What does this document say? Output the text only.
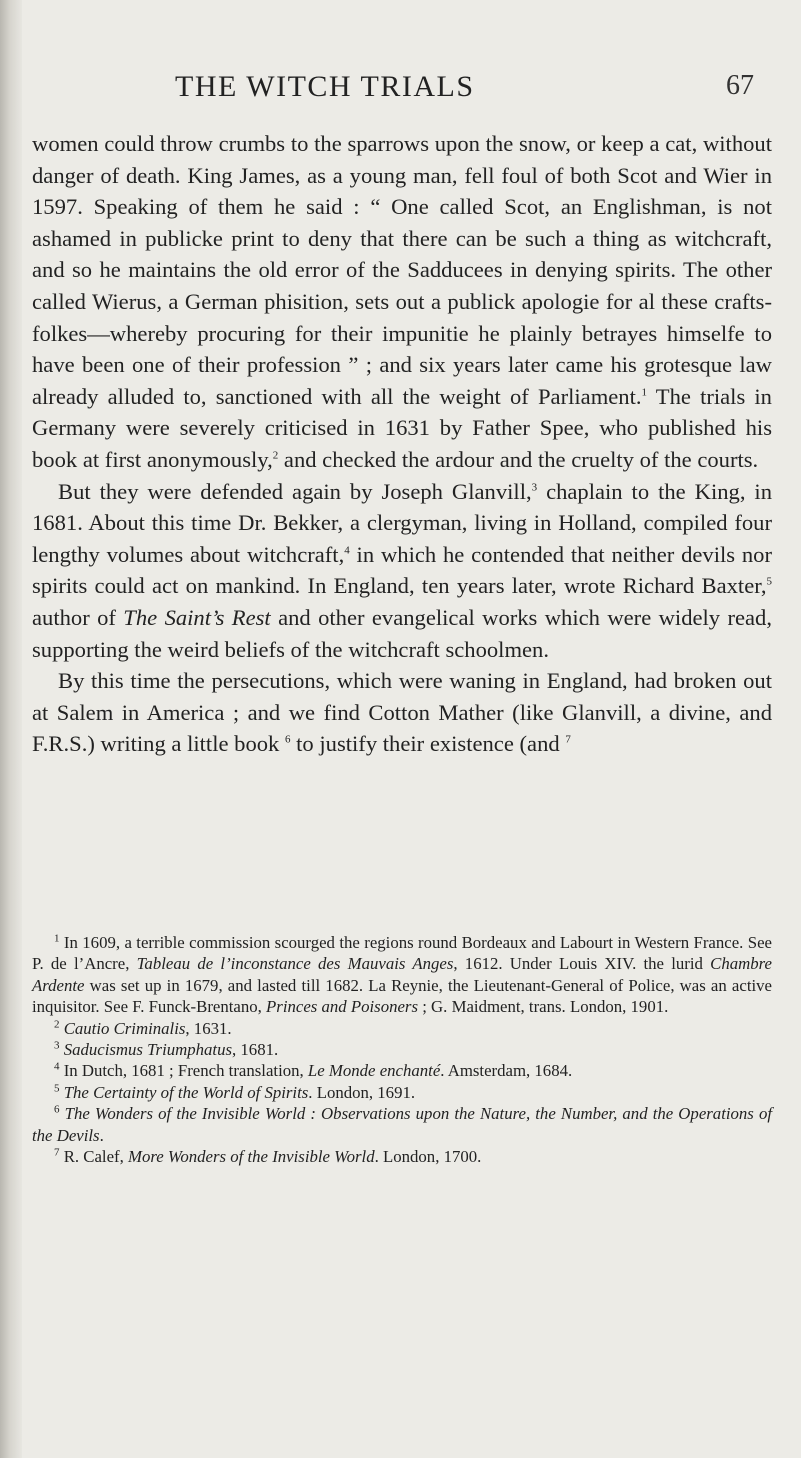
THE WITCH TRIALS	67

women could throw crumbs to the sparrows upon the snow, or keep a cat, without danger of death. King James, as a young man, fell foul of both Scot and Wier in 1597. Speaking of them he said : “ One called Scot, an Englishman, is not ashamed in publicke print to deny that there can be such a thing as witchcraft, and so he maintains the old error of the Sadducees in denying spirits. The other called Wierus, a German phisition, sets out a publick apologie for al these crafts-folkes—whereby procuring for their impunitie he plainly betrayes himselfe to have been one of their profession ” ; and six years later came his grotesque law already alluded to, sanctioned with all the weight of Parliament.$^1$ The trials in Germany were severely criticised in 1631 by Father Spee, who published his book at first anonymously,$^2$ and checked the ardour and the cruelty of the courts.

But they were defended again by Joseph Glanvill,$^3$ chaplain to the King, in 1681. About this time Dr. Bekker, a clergyman, living in Holland, compiled four lengthy volumes about witchcraft,$^4$ in which he contended that neither devils nor spirits could act on mankind. In England, ten years later, wrote Richard Baxter,$^5$ author of The Saint’s Rest and other evangelical works which were widely read, supporting the weird beliefs of the witchcraft schoolmen.

By this time the persecutions, which were waning in England, had broken out at Salem in America ; and we find Cotton Mather (like Glanvill, a divine, and F.R.S.) writing a little book $^6$ to justify their existence (and $^7$

$^1$ In 1609, a terrible commission scourged the regions round Bordeaux and Labourt in Western France. See P. de l’Ancre, Tableau de l’inconstance des Mauvais Anges, 1612. Under Louis XIV. the lurid Chambre Ardente was set up in 1679, and lasted till 1682. La Reynie, the Lieutenant-General of Police, was an active inquisitor. See F. Funck-Brentano, Princes and Poisoners ; G. Maidment, trans. London, 1901.

$^2$ Cautio Criminalis, 1631.

$^3$ Saducismus Triumphatus, 1681.

$^4$ In Dutch, 1681 ; French translation, Le Monde enchanté. Amsterdam, 1684.

$^5$ The Certainty of the World of Spirits. London, 1691.

$^6$ The Wonders of the Invisible World : Observations upon the Nature, the Number, and the Operations of the Devils.

$^7$ R. Calef, More Wonders of the Invisible World. London, 1700.
